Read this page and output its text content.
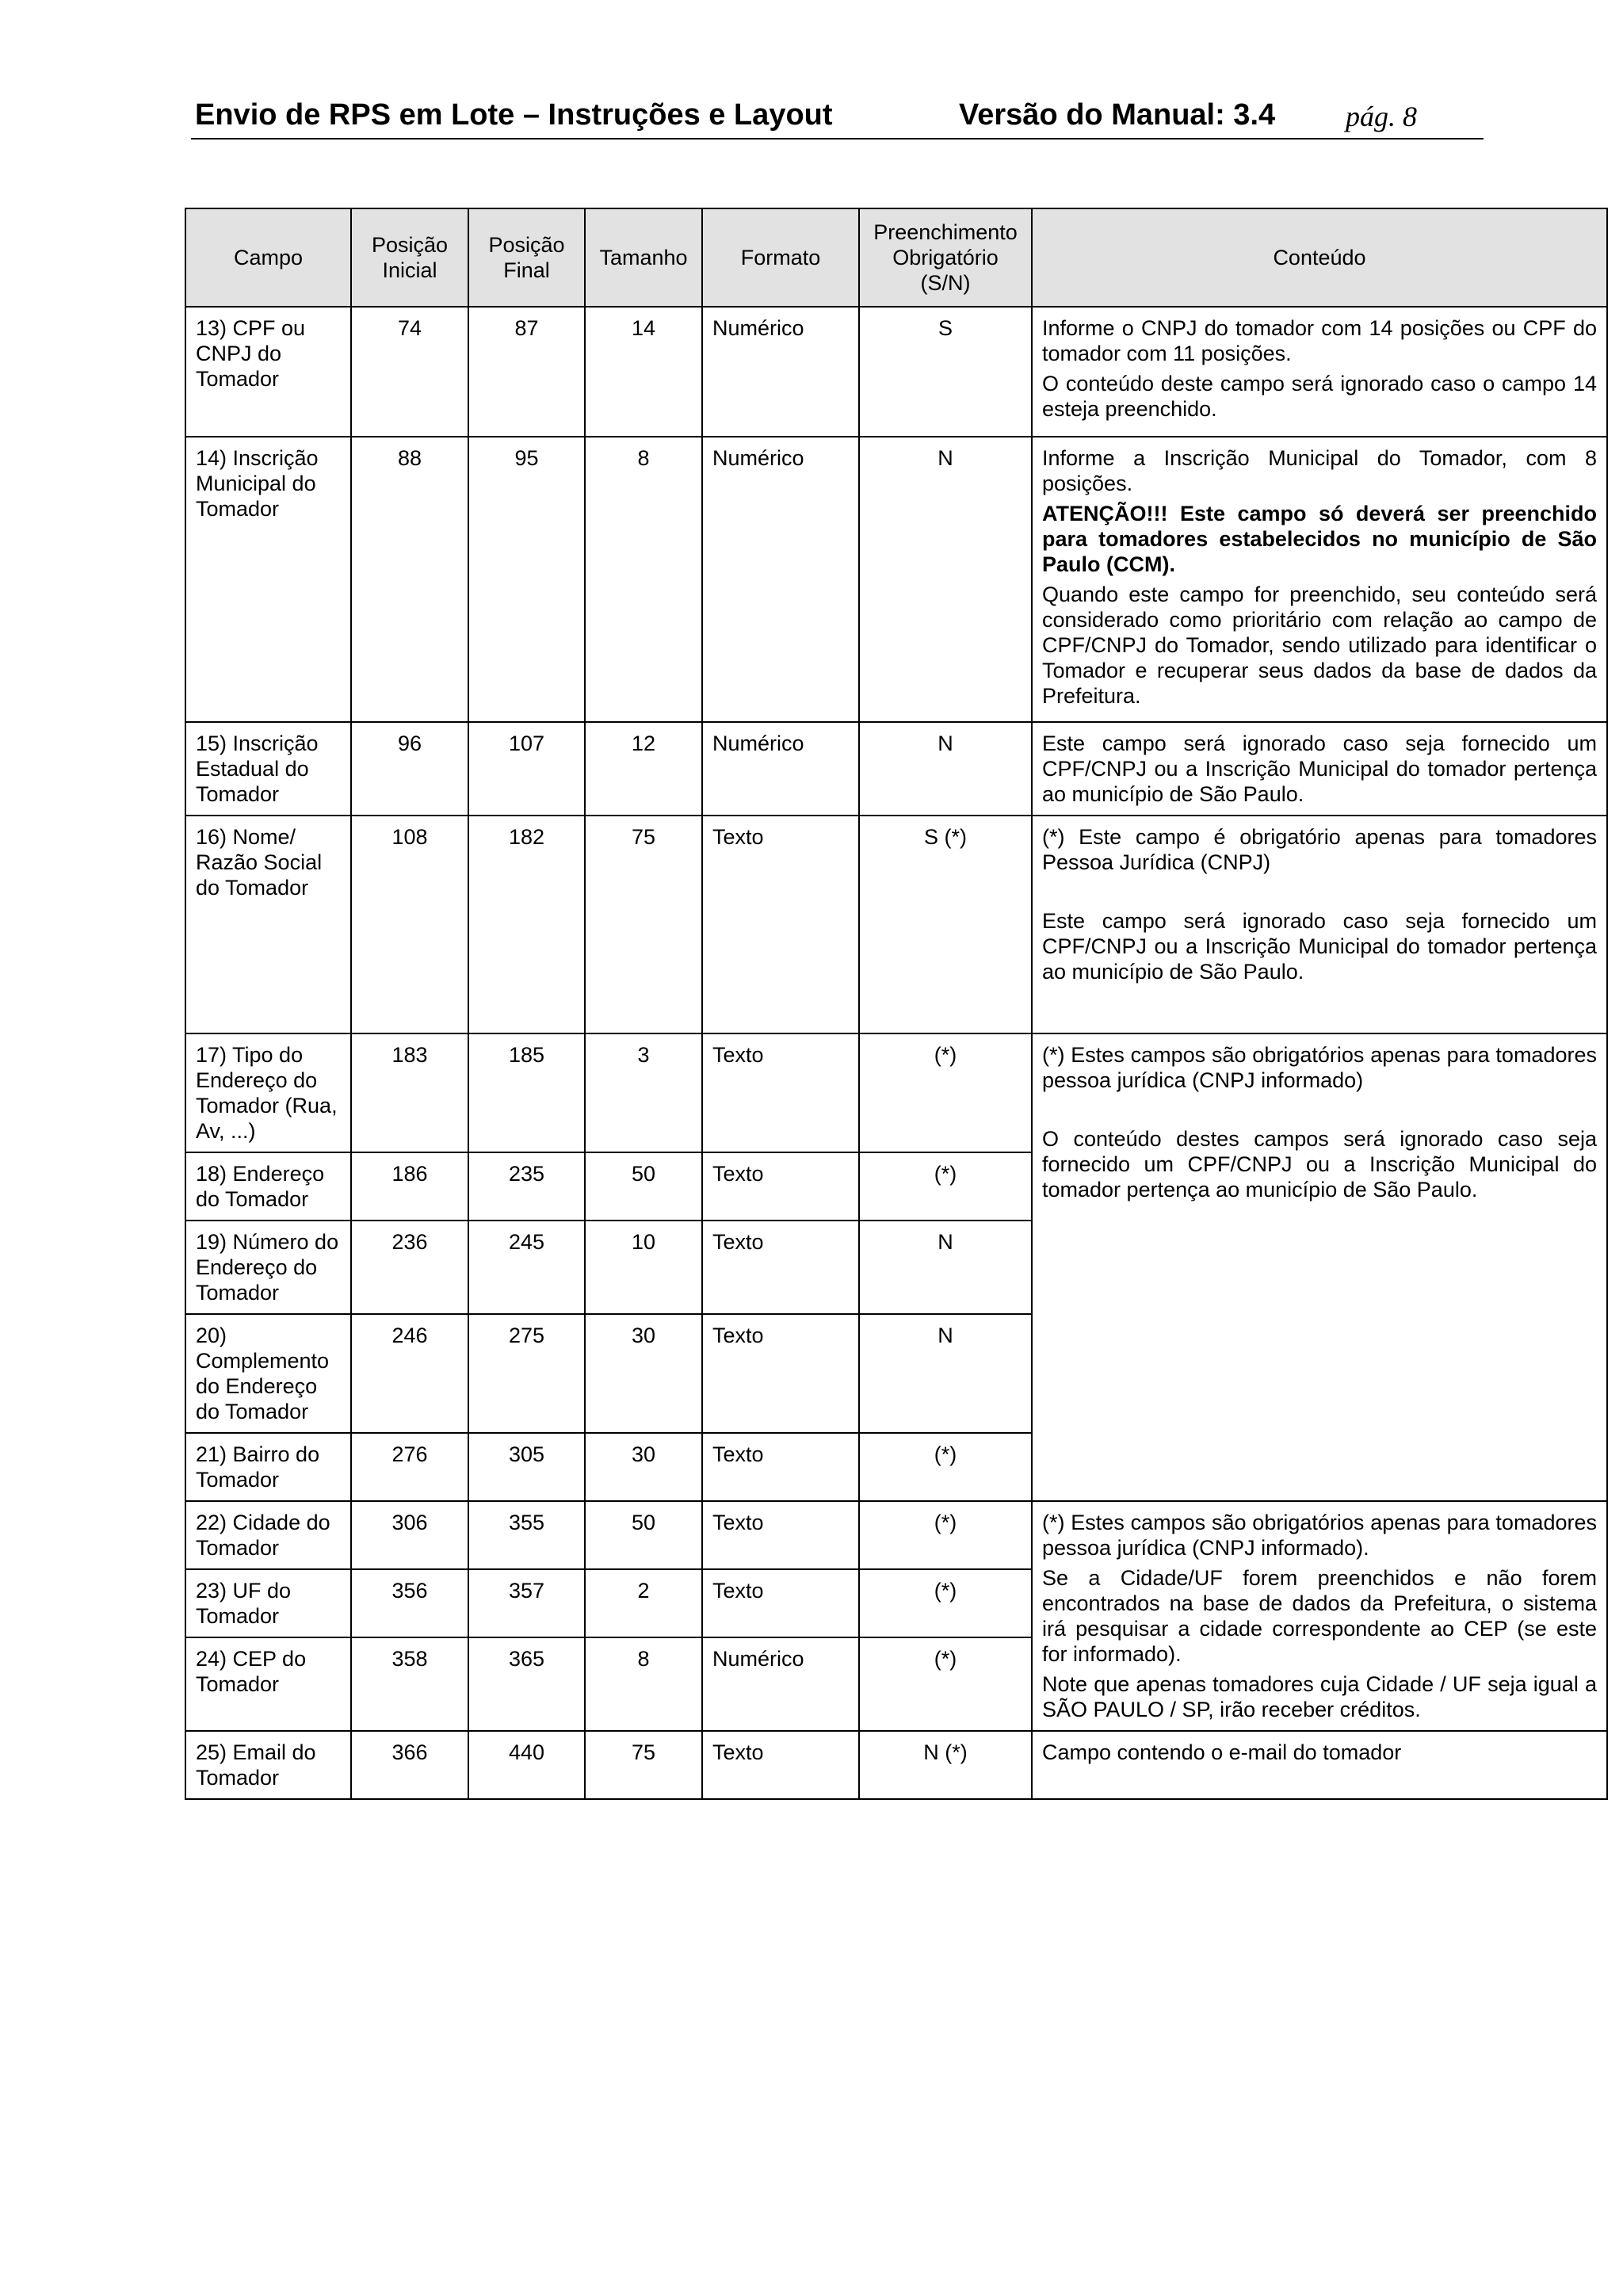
Envio de RPS em Lote – Instruções e Layout	Versão do Manual: 3.4 pág. 8
Campo	Posição Inicial	Posição Final	Tamanho	Formato	Preenchimento Obrigatório (S/N)	Conteúdo
13) CPF ou CNPJ do Tomador	74	87	14	Numérico	S	Informe o CNPJ do tomador com 14 posições ou CPF do tomador com 11 posições.

O conteúdo deste campo será ignorado caso o campo 14 esteja preenchido.

14) Inscrição Municipal do Tomador	88	95	8	Numérico	N	Informe a Inscrição Municipal do Tomador, com 8 posições.

ATENÇÃO!!! Este campo só deverá ser preenchido para tomadores estabelecidos no município de São Paulo (CCM).

Quando este campo for preenchido, seu conteúdo será considerado como prioritário com relação ao campo de CPF/CNPJ do Tomador, sendo utilizado para identificar o Tomador e recuperar seus dados da base de dados da Prefeitura.

15) Inscrição Estadual do Tomador	96	107	12	Numérico	N	Este campo será ignorado caso seja fornecido um CPF/CNPJ ou a Inscrição Municipal do tomador pertença ao município de São Paulo.

16) Nome/ Razão Social do Tomador	108	182	75	Texto	S (*)	(*) Este campo é obrigatório apenas para tomadores Pessoa Jurídica (CNPJ)

Este campo será ignorado caso seja fornecido um CPF/CNPJ ou a Inscrição Municipal do tomador pertença ao município de São Paulo.

17) Tipo do Endereço do Tomador (Rua, Av, ...)	183	185	3	Texto	(*)	(*) Estes campos são obrigatórios apenas para tomadores pessoa jurídica (CNPJ informado)

O conteúdo destes campos será ignorado caso seja fornecido um CPF/CNPJ ou a Inscrição Municipal do tomador pertença ao município de São Paulo.

18) Endereço do Tomador	186	235	50	Texto	(*)	
19) Número do Endereço do Tomador	236	245	10	Texto	N	
20) Complemento do Endereço do Tomador	246	275	30	Texto	N	
21) Bairro do Tomador	276	305	30	Texto	(*)	
22) Cidade do Tomador	306	355	50	Texto	(*)	(*) Estes campos são obrigatórios apenas para tomadores pessoa jurídica (CNPJ informado).

Se a Cidade/UF forem preenchidos e não forem encontrados na base de dados da Prefeitura, o sistema irá pesquisar a cidade correspondente ao CEP (se este for informado).

Note que apenas tomadores cuja Cidade / UF seja igual a SÃO PAULO / SP, irão receber créditos.

23) UF do Tomador	356	357	2	Texto	(*)	
24) CEP do Tomador	358	365	8	Numérico	(*)	
25) Email do Tomador	366	440	75	Texto	N (*)	Campo contendo o e-mail do tomador
